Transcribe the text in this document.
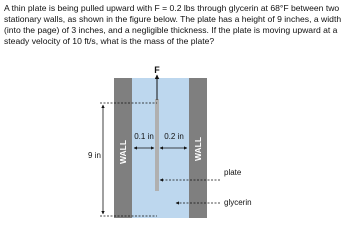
A thin plate is being pulled upward with F = 0.2 lbs through glycerin at 68°F between two stationary walls, as shown in the figure below. The plate has a height of 9 inches, a width (into the page) of 3 inches, and a negligible thickness. If the plate is moving upward at a steady velocity of 10 ft/s, what is the mass of the plate?

WALL	WALL
F
9 in
0.1 in 0.2 in
plate
glycerin
